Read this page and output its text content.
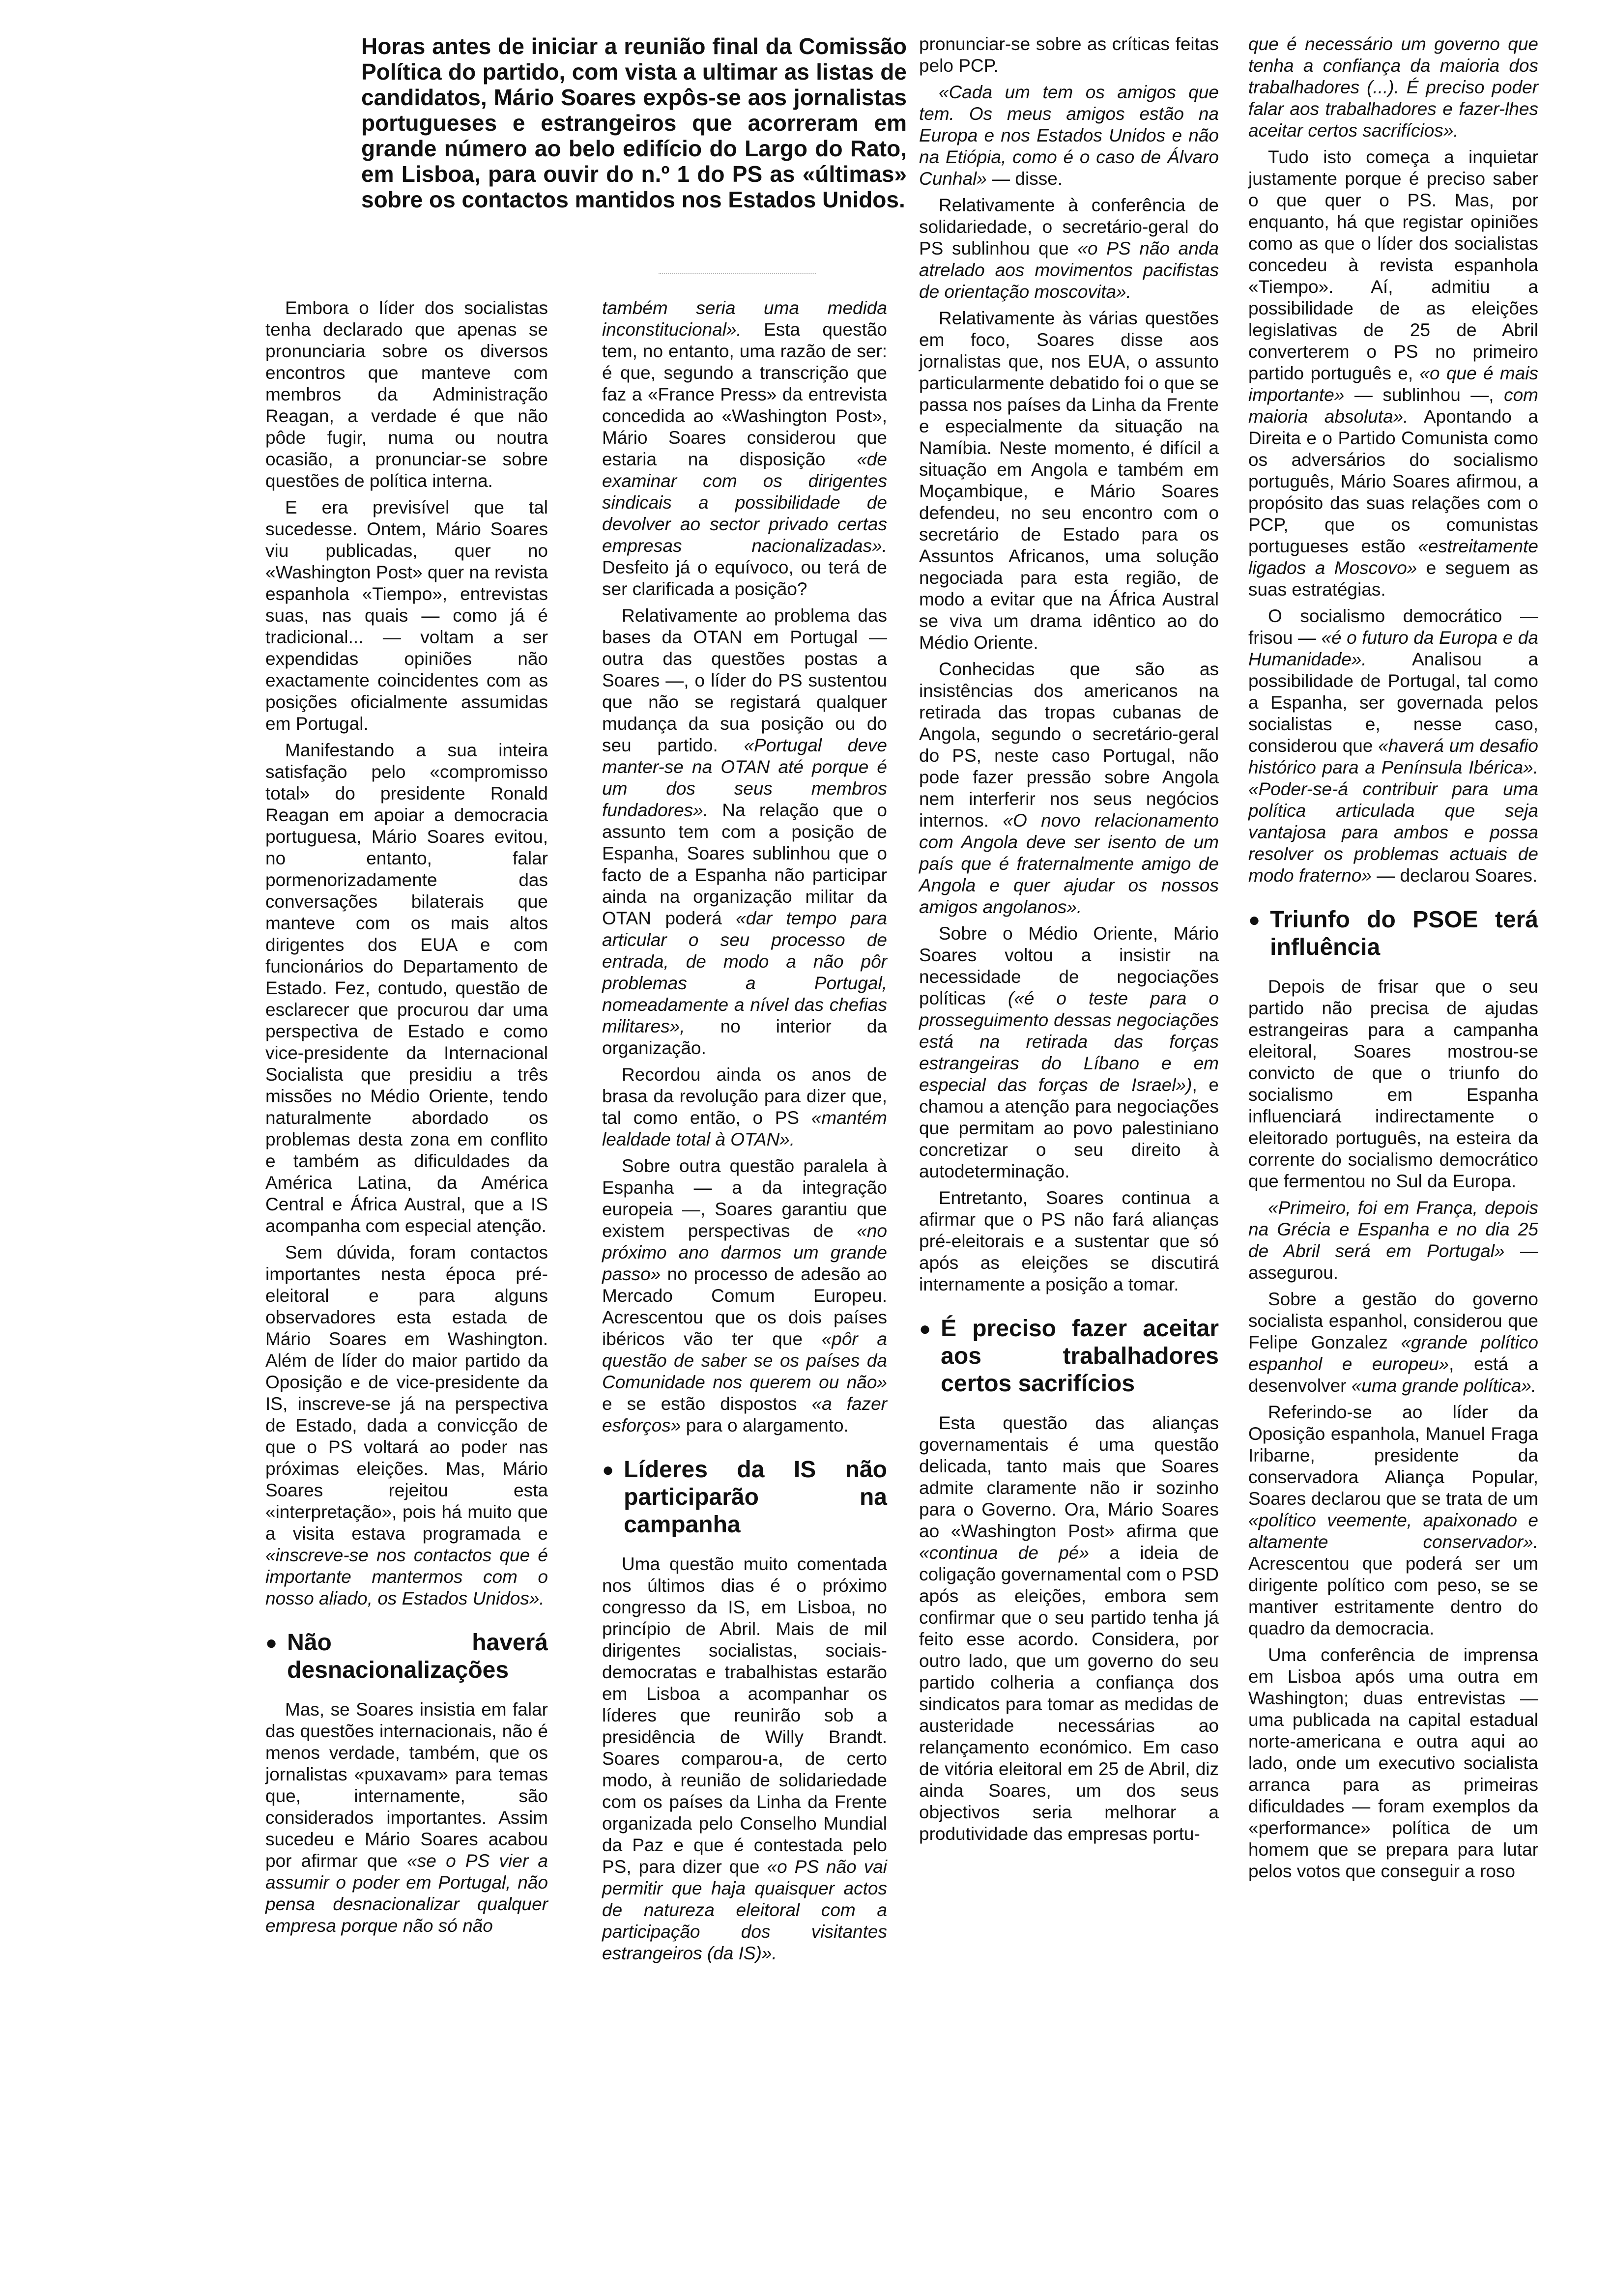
Horas antes de iniciar a reunião final da Comissão Política do partido, com vista a ultimar as listas de candidatos, Mário Soares expôs-se aos jornalistas portugueses e estrangeiros que acorreram em grande número ao belo edifício do Largo do Rato, em Lisboa, para ouvir do n.º 1 do PS as «últimas» sobre os contactos mantidos nos Estados Unidos.

Embora o líder dos socialistas tenha declarado que apenas se pronunciaria sobre os diversos encontros que manteve com membros da Administração Reagan, a verdade é que não pôde fugir, numa ou noutra ocasião, a pronunciar-se sobre questões de política interna.

E era previsível que tal sucedesse. Ontem, Mário Soares viu publicadas, quer no «Washington Post» quer na revista espanhola «Tiempo», entrevistas suas, nas quais — como já é tradicional... — voltam a ser expendidas opiniões não exactamente coincidentes com as posições oficialmente assumidas em Portugal.

Manifestando a sua inteira satisfação pelo «compromisso total» do presidente Ronald Reagan em apoiar a democracia portuguesa, Mário Soares evitou, no entanto, falar pormenorizadamente das conversações bilaterais que manteve com os mais altos dirigentes dos EUA e com funcionários do Departamento de Estado. Fez, contudo, questão de esclarecer que procurou dar uma perspectiva de Estado e como vice-presidente da Internacional Socialista que presidiu a três missões no Médio Oriente, tendo naturalmente abordado os problemas desta zona em conflito e também as dificuldades da América Latina, da América Central e África Austral, que a IS acompanha com especial atenção.

Sem dúvida, foram contactos importantes nesta época pré-eleitoral e para alguns observadores esta estada de Mário Soares em Washington. Além de líder do maior partido da Oposição e de vice-presidente da IS, inscreve-se já na perspectiva de Estado, dada a convicção de que o PS voltará ao poder nas próximas eleições. Mas, Mário Soares rejeitou esta «interpretação», pois há muito que a visita estava programada e «inscreve-se nos contactos que é importante mantermos com o nosso aliado, os Estados Unidos».

● Não haverá desnacionalizações

Mas, se Soares insistia em falar das questões internacionais, não é menos verdade, também, que os jornalistas «puxavam» para temas que, internamente, são considerados importantes. Assim sucedeu e Mário Soares acabou por afirmar que «se o PS vier a assumir o poder em Portugal, não pensa desnacionalizar qualquer empresa porque não só não

também seria uma medida inconstitucional». Esta questão tem, no entanto, uma razão de ser: é que, segundo a transcrição que faz a «France Press» da entrevista concedida ao «Washington Post», Mário Soares considerou que estaria na disposição «de examinar com os dirigentes sindicais a possibilidade de devolver ao sector privado certas empresas nacionalizadas». Desfeito já o equívoco, ou terá de ser clarificada a posição?

Relativamente ao problema das bases da OTAN em Portugal — outra das questões postas a Soares —, o líder do PS sustentou que não se registará qualquer mudança da sua posição ou do seu partido. «Portugal deve manter-se na OTAN até porque é um dos seus membros fundadores». Na relação que o assunto tem com a posição de Espanha, Soares sublinhou que o facto de a Espanha não participar ainda na organização militar da OTAN poderá «dar tempo para articular o seu processo de entrada, de modo a não pôr problemas a Portugal, nomeadamente a nível das chefias militares», no interior da organização.

Recordou ainda os anos de brasa da revolução para dizer que, tal como então, o PS «mantém lealdade total à OTAN».

Sobre outra questão paralela à Espanha — a da integração europeia —, Soares garantiu que existem perspectivas de «no próximo ano darmos um grande passo» no processo de adesão ao Mercado Comum Europeu. Acrescentou que os dois países ibéricos vão ter que «pôr a questão de saber se os países da Comunidade nos querem ou não» e se estão dispostos «a fazer esforços» para o alargamento.

● Líderes da IS não participarão na campanha

Uma questão muito comentada nos últimos dias é o próximo congresso da IS, em Lisboa, no princípio de Abril. Mais de mil dirigentes socialistas, sociais-democratas e trabalhistas estarão em Lisboa a acompanhar os líderes que reunirão sob a presidência de Willy Brandt. Soares comparou-a, de certo modo, à reunião de solidariedade com os países da Linha da Frente organizada pelo Conselho Mundial da Paz e que é contestada pelo PS, para dizer que «o PS não vai permitir que haja quaisquer actos de natureza eleitoral com a participação dos visitantes estrangeiros (da IS)».

pronunciar-se sobre as críticas feitas pelo PCP.

«Cada um tem os amigos que tem. Os meus amigos estão na Europa e nos Estados Unidos e não na Etiópia, como é o caso de Álvaro Cunhal» — disse.

Relativamente à conferência de solidariedade, o secretário-geral do PS sublinhou que «o PS não anda atrelado aos movimentos pacifistas de orientação moscovita».

Relativamente às várias questões em foco, Soares disse aos jornalistas que, nos EUA, o assunto particularmente debatido foi o que se passa nos países da Linha da Frente e especialmente da situação na Namíbia. Neste momento, é difícil a situação em Angola e também em Moçambique, e Mário Soares defendeu, no seu encontro com o secretário de Estado para os Assuntos Africanos, uma solução negociada para esta região, de modo a evitar que na África Austral se viva um drama idêntico ao do Médio Oriente.

Conhecidas que são as insistências dos americanos na retirada das tropas cubanas de Angola, segundo o secretário-geral do PS, neste caso Portugal, não pode fazer pressão sobre Angola nem interferir nos seus negócios internos. «O novo relacionamento com Angola deve ser isento de um país que é fraternalmente amigo de Angola e quer ajudar os nossos amigos angolanos».

Sobre o Médio Oriente, Mário Soares voltou a insistir na necessidade de negociações políticas («é o teste para o prosseguimento dessas negociações está na retirada das forças estrangeiras do Líbano e em especial das forças de Israel»), e chamou a atenção para negociações que permitam ao povo palestiniano concretizar o seu direito à autodeterminação.

Entretanto, Soares continua a afirmar que o PS não fará alianças pré-eleitorais e a sustentar que só após as eleições se discutirá internamente a posição a tomar.

● É preciso fazer aceitar aos trabalhadores certos sacrifícios

Esta questão das alianças governamentais é uma questão delicada, tanto mais que Soares admite claramente não ir sozinho para o Governo. Ora, Mário Soares ao «Washington Post» afirma que «continua de pé» a ideia de coligação governamental com o PSD após as eleições, embora sem confirmar que o seu partido tenha já feito esse acordo. Considera, por outro lado, que um governo do seu partido colheria a confiança dos sindicatos para tomar as medidas de austeridade necessárias ao relançamento económico. Em caso de vitória eleitoral em 25 de Abril, diz ainda Soares, um dos seus objectivos seria melhorar a produtividade das empresas portu-

que é necessário um governo que tenha a confiança da maioria dos trabalhadores (...). É preciso poder falar aos trabalhadores e fazer-lhes aceitar certos sacrifícios».

Tudo isto começa a inquietar justamente porque é preciso saber o que quer o PS. Mas, por enquanto, há que registar opiniões como as que o líder dos socialistas concedeu à revista espanhola «Tiempo». Aí, admitiu a possibilidade de as eleições legislativas de 25 de Abril converterem o PS no primeiro partido português e, «o que é mais importante» — sublinhou —, com maioria absoluta». Apontando a Direita e o Partido Comunista como os adversários do socialismo português, Mário Soares afirmou, a propósito das suas relações com o PCP, que os comunistas portugueses estão «estreitamente ligados a Moscovo» e seguem as suas estratégias.

O socialismo democrático — frisou — «é o futuro da Europa e da Humanidade». Analisou a possibilidade de Portugal, tal como a Espanha, ser governada pelos socialistas e, nesse caso, considerou que «haverá um desafio histórico para a Península Ibérica». «Poder-se-á contribuir para uma política articulada que seja vantajosa para ambos e possa resolver os problemas actuais de modo fraterno» — declarou Soares.

● Triunfo do PSOE terá influência

Depois de frisar que o seu partido não precisa de ajudas estrangeiras para a campanha eleitoral, Soares mostrou-se convicto de que o triunfo do socialismo em Espanha influenciará indirectamente o eleitorado português, na esteira da corrente do socialismo democrático que fermentou no Sul da Europa.

«Primeiro, foi em França, depois na Grécia e Espanha e no dia 25 de Abril será em Portugal» — assegurou.

Sobre a gestão do governo socialista espanhol, considerou que Felipe Gonzalez «grande político espanhol e europeu», está a desenvolver «uma grande política».

Referindo-se ao líder da Oposição espanhola, Manuel Fraga Iribarne, presidente da conservadora Aliança Popular, Soares declarou que se trata de um «político veemente, apaixonado e altamente conservador». Acrescentou que poderá ser um dirigente político com peso, se se mantiver estritamente dentro do quadro da democracia.

Uma conferência de imprensa em Lisboa após uma outra em Washington; duas entrevistas — uma publicada na capital estadual norte-americana e outra aqui ao lado, onde um executivo socialista arranca para as primeiras dificuldades — foram exemplos da «performance» política de um homem que se prepara para lutar pelos votos que conseguir a roso
